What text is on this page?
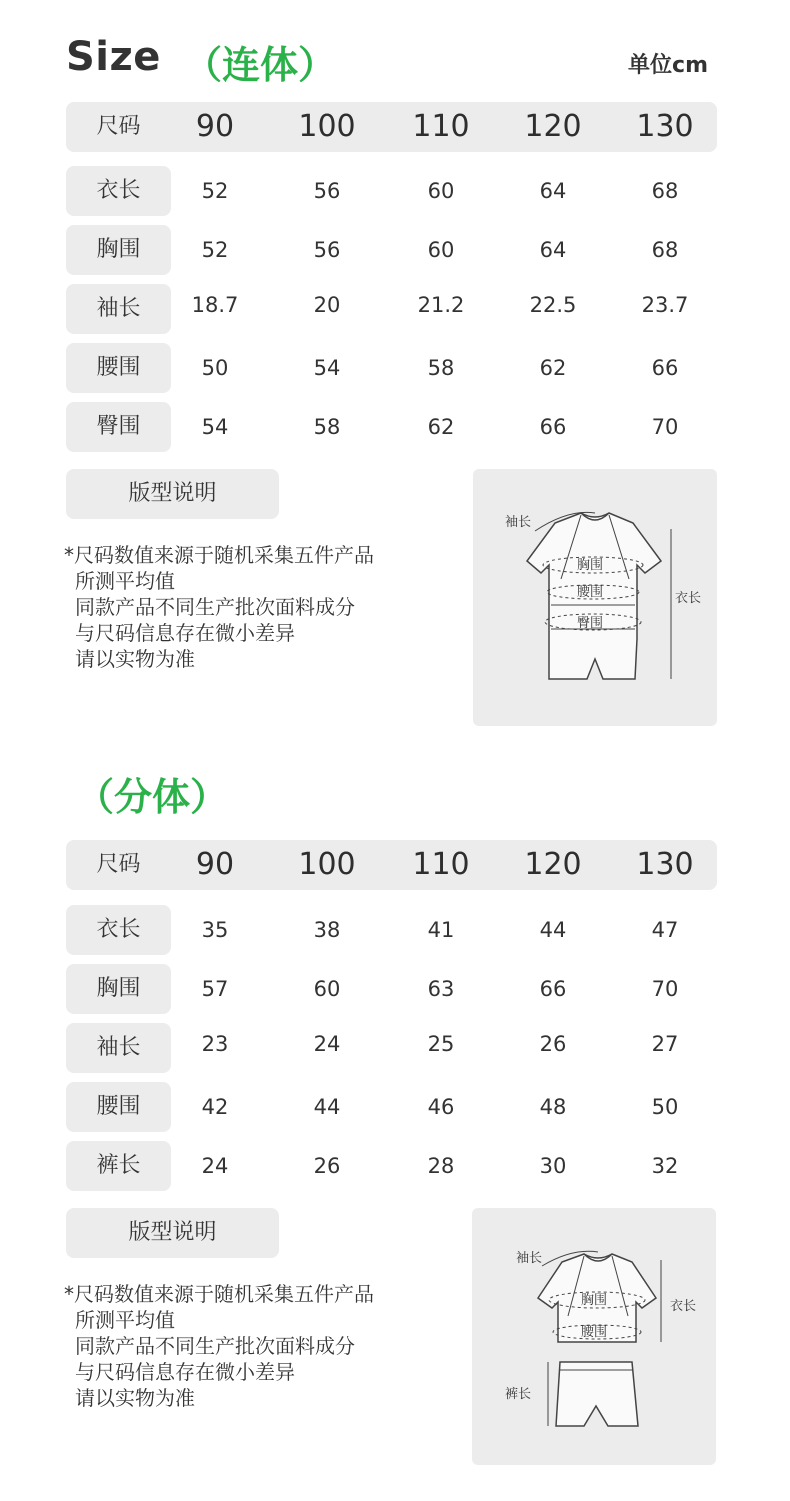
Size （连体）	单位cm
尺码	90	100	110	120	130
衣长	52	56	60	64	68
胸围	52	56	60	64	68
袖长	18.7	20	21.2	22.5	23.7
腰围	50	54	58	62	66
臀围	54	58	62	66	70
版型说明
*尺码数值来源于随机采集五件产品
所测平均值
同款产品不同生产批次面料成分
与尺码信息存在微小差异
请以实物为准
袖长
胸围
腰围
臀围
衣长
（分体）
尺码	90	100	110	120	130
衣长	35	38	41	44	47
胸围	57	60	63	66	70
袖长	23	24	25	26	27
腰围	42	44	46	48	50
裤长	24	26	28	30	32
版型说明
*尺码数值来源于随机采集五件产品
所测平均值
同款产品不同生产批次面料成分
与尺码信息存在微小差异
请以实物为准
袖长
胸围
腰围
衣长
裤长
